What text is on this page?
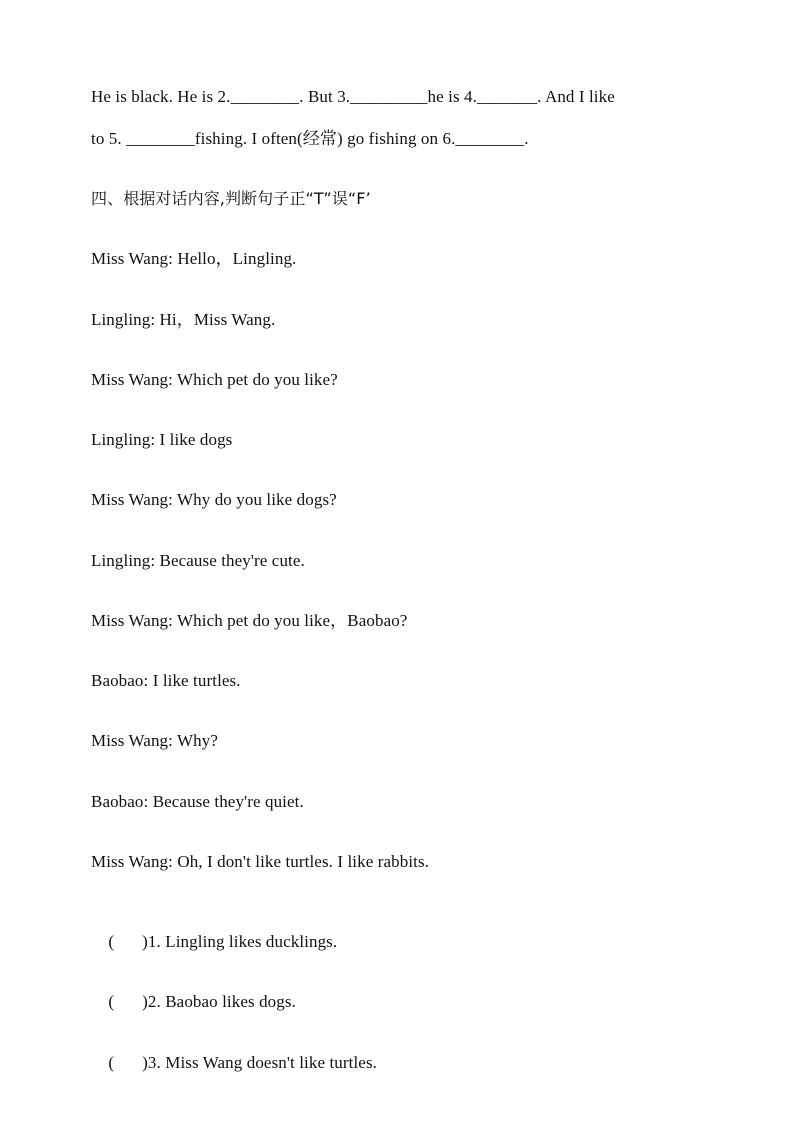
He is black. He is 2.________. But 3._________he is 4._______. And I like
to 5. ________fishing. I often(经常) go fishing on 6.________.
四、根据对话内容,判断句子正“T”误“F’
Miss Wang: Hello，Lingling.
Lingling: Hi，Miss Wang.
Miss Wang: Which pet do you like?
Lingling: I like dogs
Miss Wang: Why do you like dogs?
Lingling: Because they're cute.
Miss Wang: Which pet do you like，Baobao?
Baobao: I like turtles.
Miss Wang: Why?
Baobao: Because they're quiet.
Miss Wang: Oh, I don't like turtles. I like rabbits.

( )1. Lingling likes ducklings.

( )2. Baobao likes dogs.

( )3. Miss Wang doesn't like turtles.
